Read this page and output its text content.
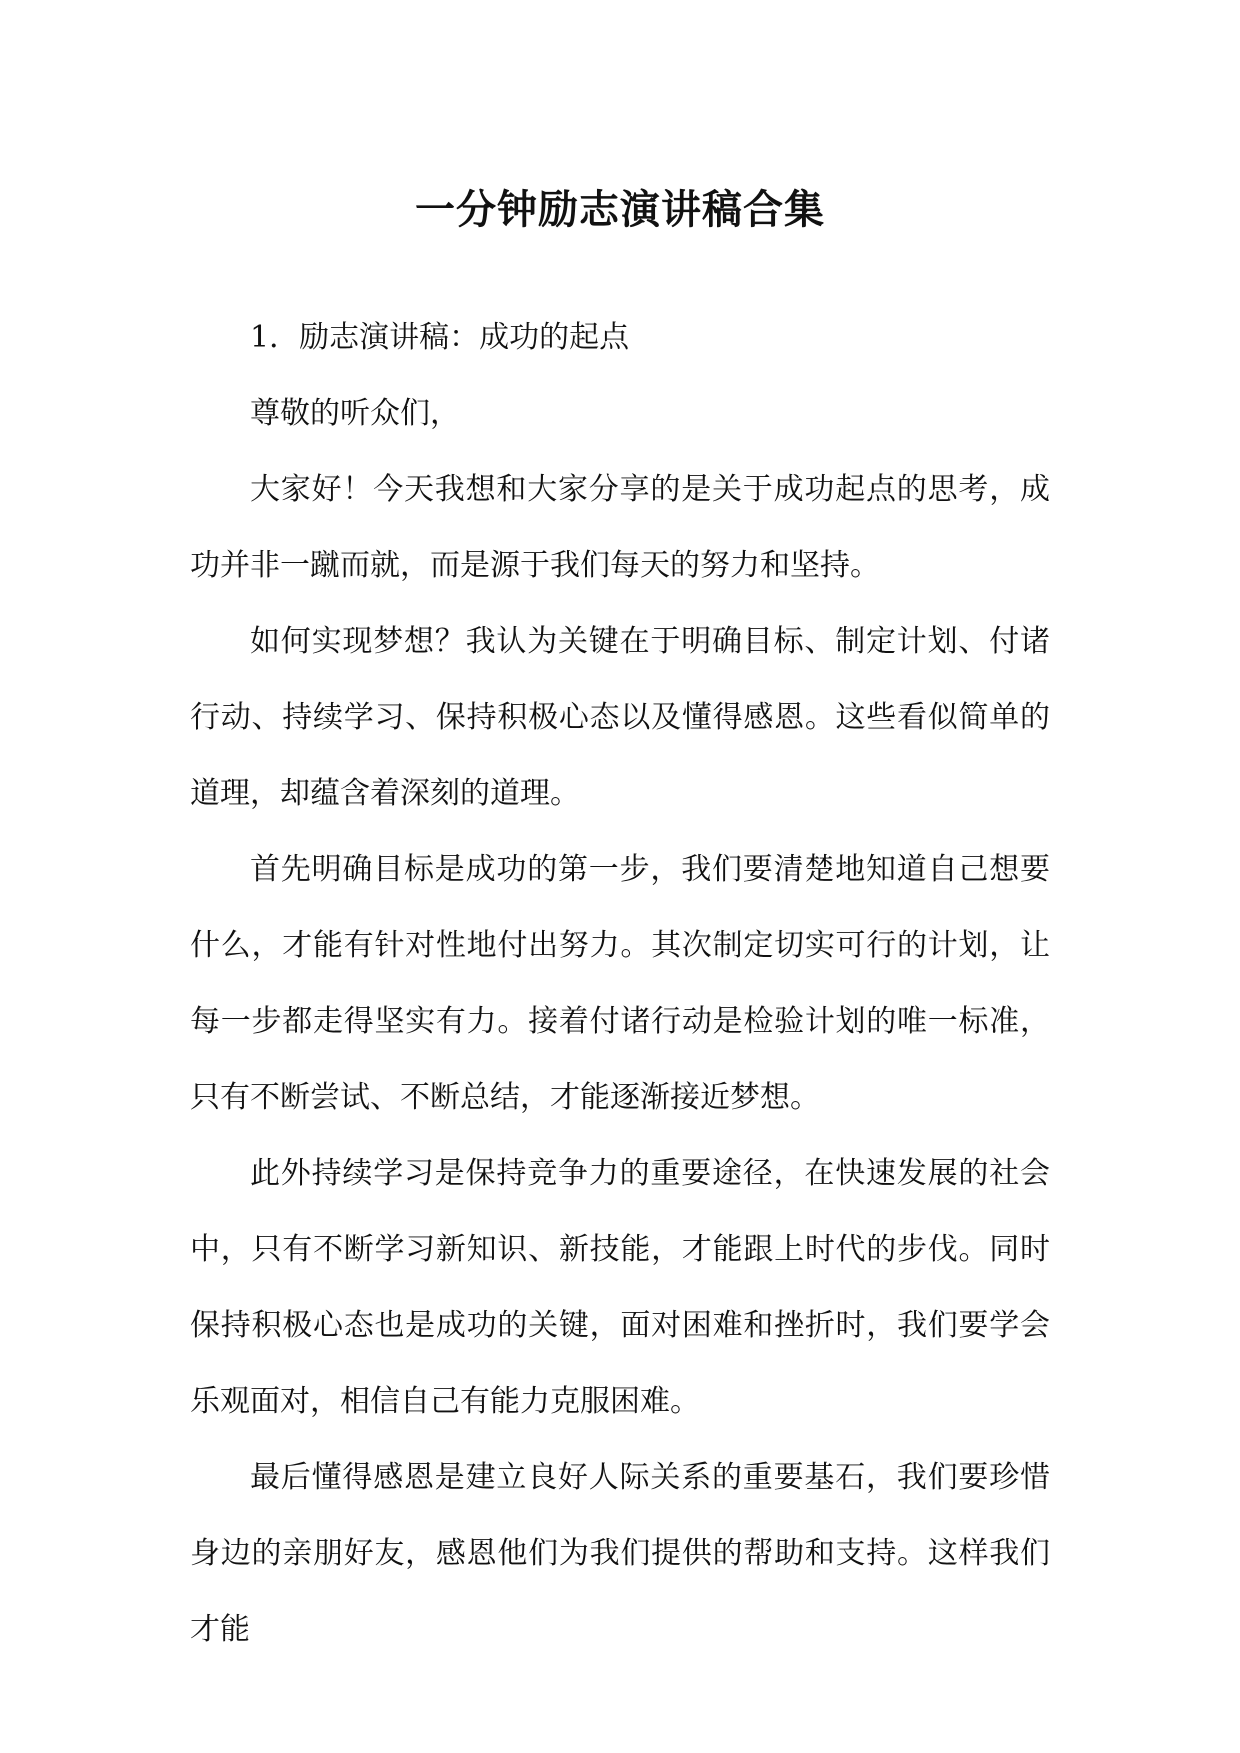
一分钟励志演讲稿合集

1．励志演讲稿：成功的起点

尊敬的听众们，

大家好！今天我想和大家分享的是关于成功起点的思考，成功并非一蹴而就，而是源于我们每天的努力和坚持。

如何实现梦想？我认为关键在于明确目标、制定计划、付诸行动、持续学习、保持积极心态以及懂得感恩。这些看似简单的道理，却蕴含着深刻的道理。

首先明确目标是成功的第一步，我们要清楚地知道自己想要什么，才能有针对性地付出努力。其次制定切实可行的计划，让每一步都走得坚实有力。接着付诸行动是检验计划的唯一标准，只有不断尝试、不断总结，才能逐渐接近梦想。

此外持续学习是保持竞争力的重要途径，在快速发展的社会中，只有不断学习新知识、新技能，才能跟上时代的步伐。同时保持积极心态也是成功的关键，面对困难和挫折时，我们要学会乐观面对，相信自己有能力克服困难。

最后懂得感恩是建立良好人际关系的重要基石，我们要珍惜身边的亲朋好友，感恩他们为我们提供的帮助和支持。这样我们才能
